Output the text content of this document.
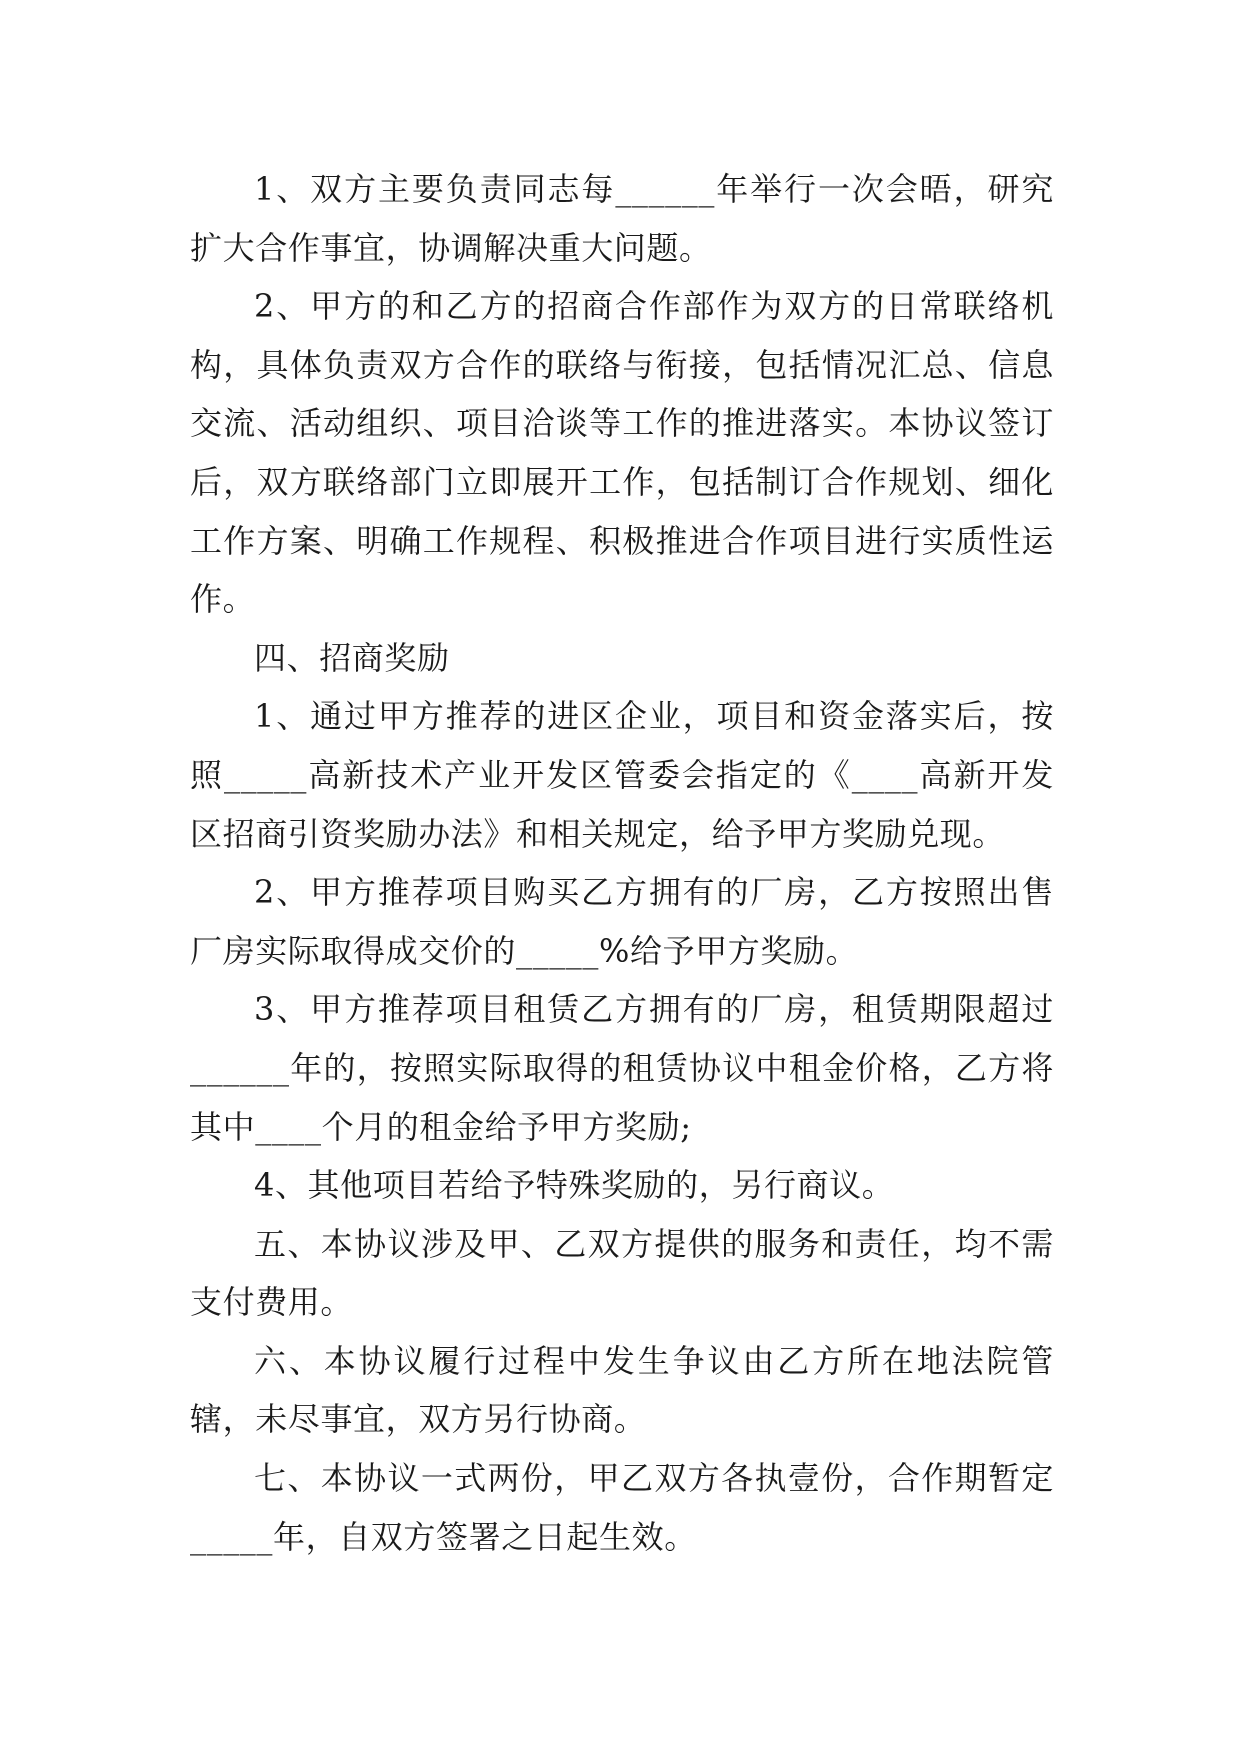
1、双方主要负责同志每______年举行一次会晤，研究扩大合作事宜，协调解决重大问题。

2、甲方的和乙方的招商合作部作为双方的日常联络机构，具体负责双方合作的联络与衔接，包括情况汇总、信息交流、活动组织、项目洽谈等工作的推进落实。本协议签订后，双方联络部门立即展开工作，包括制订合作规划、细化工作方案、明确工作规程、积极推进合作项目进行实质性运作。

四、招商奖励

1、通过甲方推荐的进区企业，项目和资金落实后，按照_____高新技术产业开发区管委会指定的《____高新开发区招商引资奖励办法》和相关规定，给予甲方奖励兑现。

2、甲方推荐项目购买乙方拥有的厂房，乙方按照出售厂房实际取得成交价的_____%给予甲方奖励。

3、甲方推荐项目租赁乙方拥有的厂房，租赁期限超过______年的，按照实际取得的租赁协议中租金价格，乙方将其中____个月的租金给予甲方奖励;

4、其他项目若给予特殊奖励的，另行商议。

五、本协议涉及甲、乙双方提供的服务和责任，均不需支付费用。

六、本协议履行过程中发生争议由乙方所在地法院管辖，未尽事宜，双方另行协商。

七、本协议一式两份，甲乙双方各执壹份，合作期暂定_____年，自双方签署之日起生效。
